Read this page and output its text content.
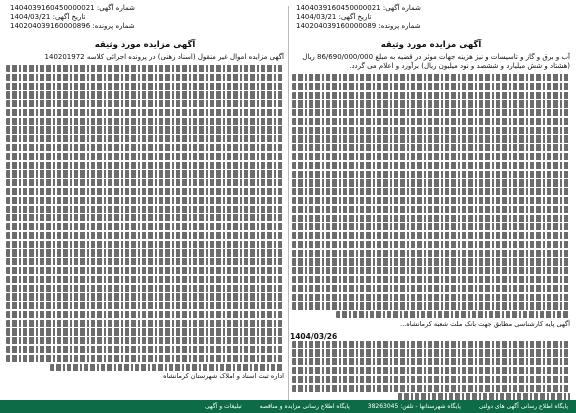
شماره آگهی: 1404039160450000021
تاریخ آگهی: 1404/03/21
شماره پرونده: 140204039160000089
آگهی مزایده مورد وثیقه
آب و برق و گاز و تاسیسات و نیز هزینه جهات موثر در قضیه به مبلغ 86/690/000/000 ریال (هشتاد و شش میلیارد و ششصد و نود میلیون ریال) برآورد و اعلام می گردد.
آگهی پایه کارشناسی مطابق جهت بانک ملت شعبه کرمانشاه...
1404/03/26
شماره آگهی: 1404039160450000021
تاریخ آگهی: 1404/03/21
شماره پرونده: 140204039160000896
آگهی مزایده مورد وثیقه
آگهی مزایده اموال غیر منقول (اسناد رهنی) در پرونده اجرائی کلاسه 140201972
اداره ثبت اسناد و املاک شهرستان کرمانشاه
پایگاه اطلاع رسانی آگهی های دولتی پایگاه شهرستانها - تلفن: 38263045 پایگاه اطلاع رسانی مزایده و مناقصه تبلیغات و آگهی
